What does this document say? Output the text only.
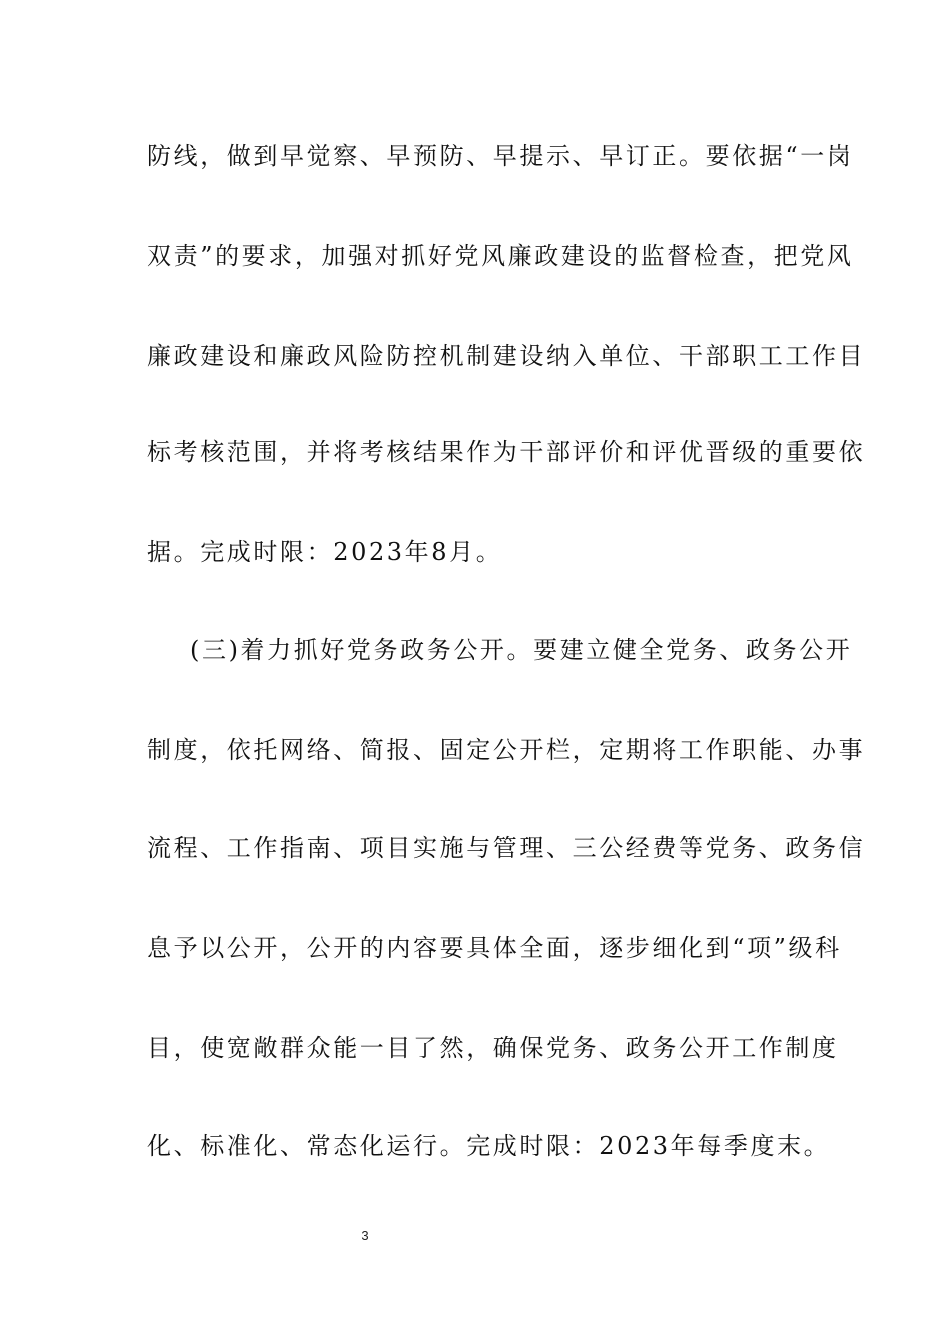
防线，做到早觉察、早预防、早提示、早订正。要依据“一岗
双责”的要求，加强对抓好党风廉政建设的监督检查，把党风
廉政建设和廉政风险防控机制建设纳入单位、干部职工工作目
标考核范围，并将考核结果作为干部评价和评优晋级的重要依
据。完成时限：2023年8月。
(三)着力抓好党务政务公开。要建立健全党务、政务公开
制度，依托网络、简报、固定公开栏，定期将工作职能、办事
流程、工作指南、项目实施与管理、三公经费等党务、政务信
息予以公开，公开的内容要具体全面，逐步细化到“项”级科
目，使宽敞群众能一目了然，确保党务、政务公开工作制度
化、标准化、常态化运行。完成时限：2023年每季度末。
3
